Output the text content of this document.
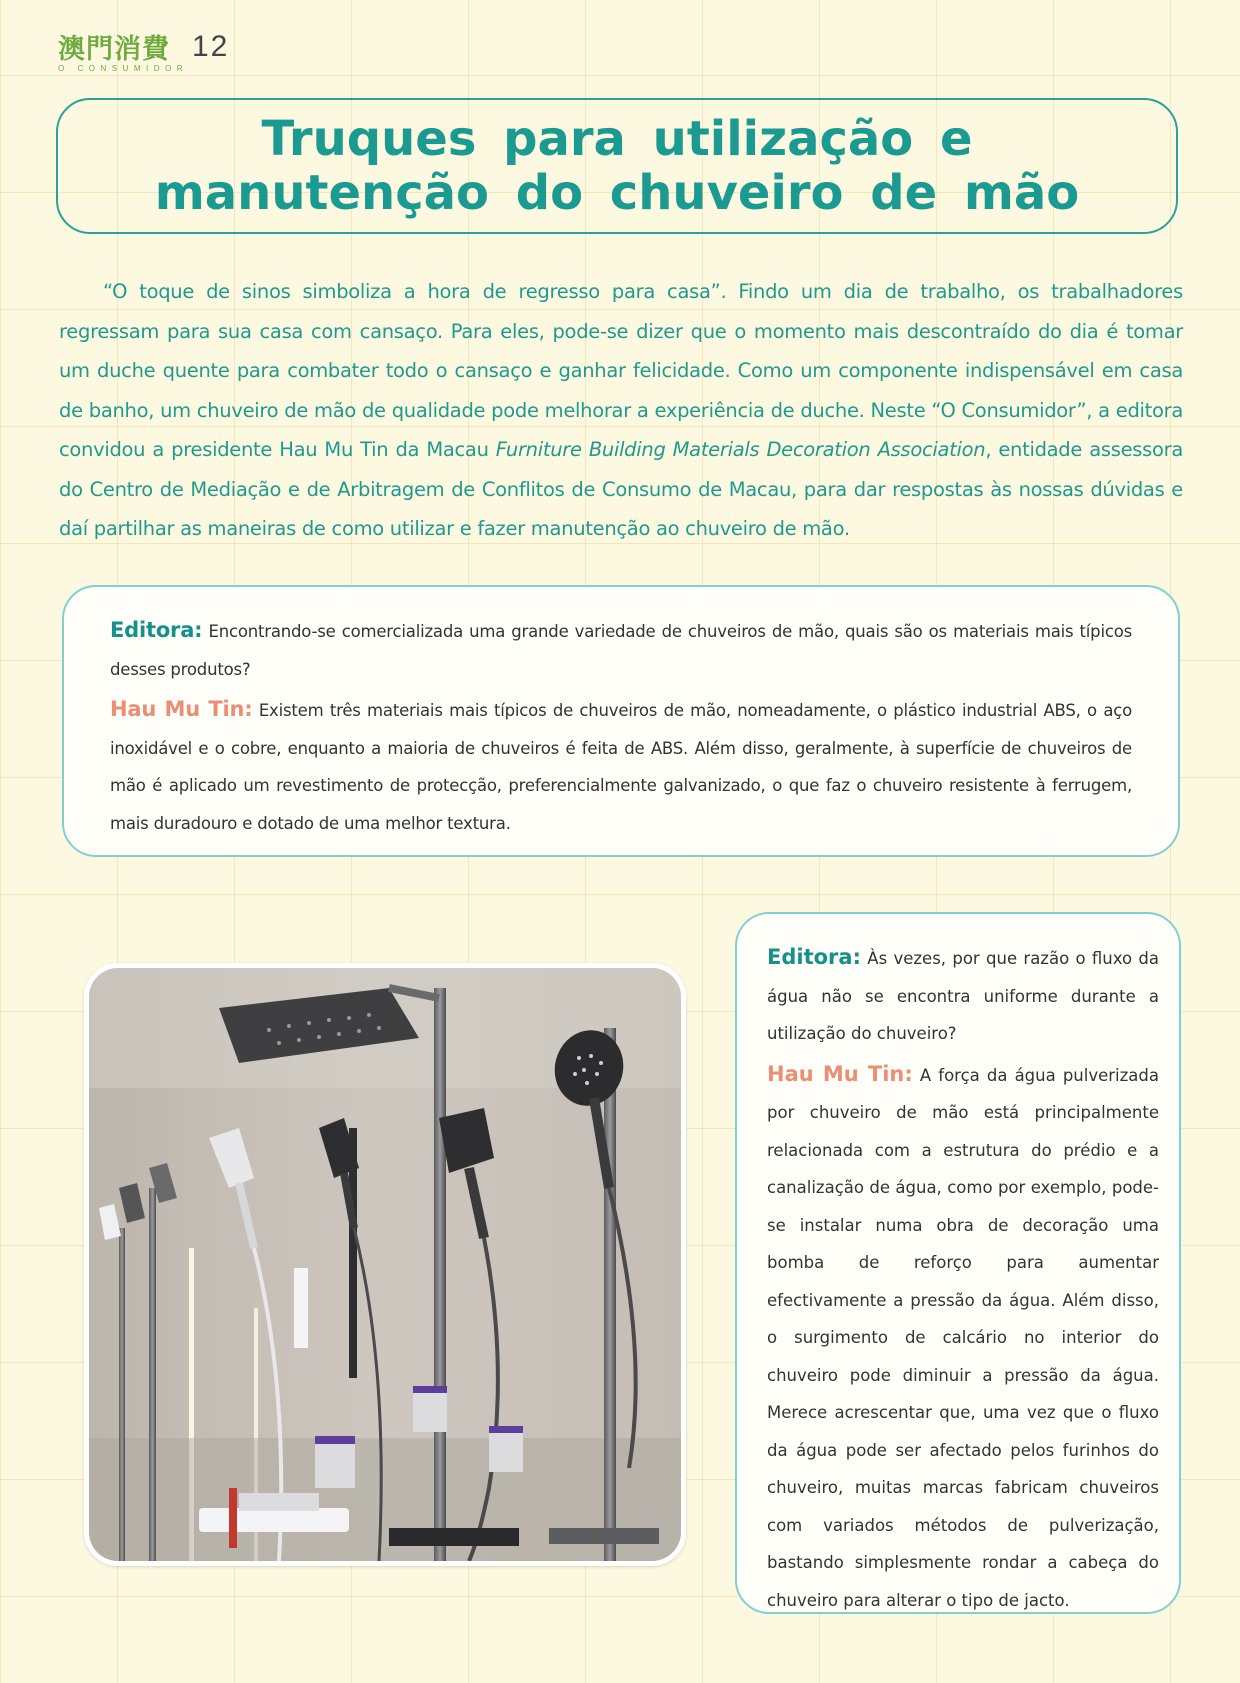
澳門消費
O CONSUMIDOR
12
Truques para utilização e
manutenção do chuveiro de mão

“O toque de sinos simboliza a hora de regresso para casa”. Findo um dia de trabalho, os trabalhadores regressam para sua casa com cansaço. Para eles, pode-se dizer que o momento mais descontraído do dia é tomar um duche quente para combater todo o cansaço e ganhar felicidade. Como um componente indispensável em casa de banho, um chuveiro de mão de qualidade pode melhorar a experiência de duche. Neste “O Consumidor”, a editora convidou a presidente Hau Mu Tin da Macau Furniture Building Materials Decoration Association, entidade assessora do Centro de Mediação e de Arbitragem de Conflitos de Consumo de Macau, para dar respostas às nossas dúvidas e daí partilhar as maneiras de como utilizar e fazer manutenção ao chuveiro de mão.

Editora: Encontrando-se comercializada uma grande variedade de chuveiros de mão, quais são os materiais mais típicos desses produtos?

Hau Mu Tin: Existem três materiais mais típicos de chuveiros de mão, nomeadamente, o plástico industrial ABS, o aço inoxidável e o cobre, enquanto a maioria de chuveiros é feita de ABS. Além disso, geralmente, à superfície de chuveiros de mão é aplicado um revestimento de protecção, preferencialmente galvanizado, o que faz o chuveiro resistente à ferrugem, mais duradouro e dotado de uma melhor textura.

Editora: Às vezes, por que razão o fluxo da água não se encontra uniforme durante a utilização do chuveiro?

Hau Mu Tin: A força da água pulverizada por chuveiro de mão está principalmente relacionada com a estrutura do prédio e a canalização de água, como por exemplo, pode-se instalar numa obra de decoração uma bomba de reforço para aumentar efectivamente a pressão da água. Além disso, o surgimento de calcário no interior do chuveiro pode diminuir a pressão da água. Merece acrescentar que, uma vez que o fluxo da água pode ser afectado pelos furinhos do chuveiro, muitas marcas fabricam chuveiros com variados métodos de pulverização, bastando simplesmente rondar a cabeça do chuveiro para alterar o tipo de jacto.
